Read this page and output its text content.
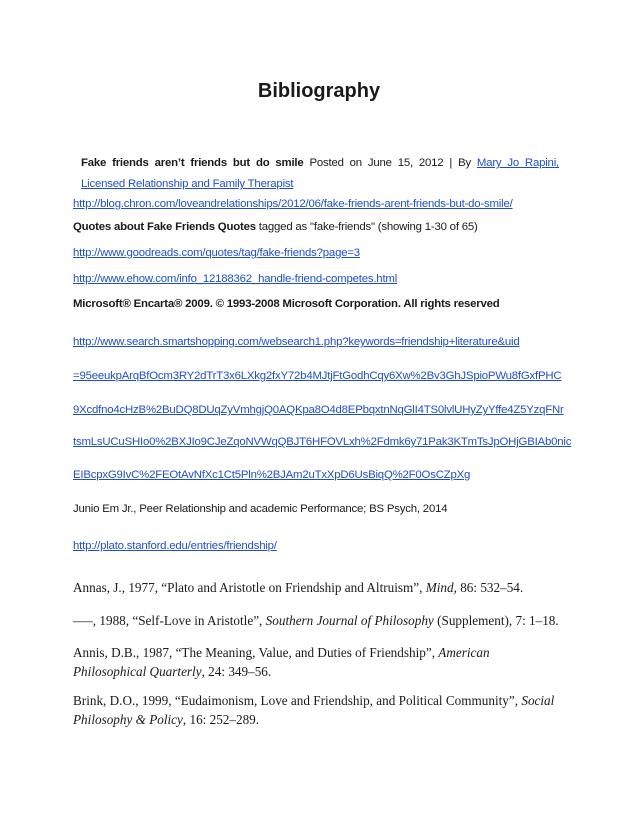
Bibliography
Fake friends aren’t friends but do smile Posted on June 15, 2012 | By Mary Jo Rapini,
Licensed Relationship and Family Therapist
http://blog.chron.com/loveandrelationships/2012/06/fake-friends-arent-friends-but-do-smile/
Quotes about Fake Friends Quotes tagged as "fake-friends" (showing 1-30 of 65)
http://www.goodreads.com/quotes/tag/fake-friends?page=3
http://www.ehow.com/info_12188362_handle-friend-competes.html
Microsoft® Encarta® 2009. © 1993-2008 Microsoft Corporation. All rights reserved
http://www.search.smartshopping.com/websearch1.php?keywords=friendship+literature&uid
=95eeukpArqBfOcm3RY2dTrT3x6LXkg2fxY72b4MJtjFtGodhCqy6Xw%2Bv3GhJSpioPWu8fGxfPHC
9Xcdfno4cHzB%2BuDQ8DUqZyVmhgjQ0AQKpa8O4d8EPbqxtnNqGlI4TS0lvlUHyZyYffe4Z5YzqFNr
tsmLsUCuSHIo0%2BXJIo9CJeZqoNVWqQBJT6HFOVLxh%2Fdmk6y71Pak3KTmTsJpOHjGBIAb0nic
EIBcpxG9IvC%2FEOtAvNfXc1Ct5Pln%2BJAm2uTxXpD6UsBiqQ%2F0OsCZpXg
Junio Em Jr., Peer Relationship and academic Performance; BS Psych, 2014
http://plato.stanford.edu/entries/friendship/
Annas, J., 1977, “Plato and Aristotle on Friendship and Altruism”, Mind, 86: 532–54.
–––, 1988, “Self-Love in Aristotle”, Southern Journal of Philosophy (Supplement), 7: 1–18.
Annis, D.B., 1987, “The Meaning, Value, and Duties of Friendship”, American
Philosophical Quarterly, 24: 349–56.
Brink, D.O., 1999, “Eudaimonism, Love and Friendship, and Political Community”, Social
Philosophy & Policy, 16: 252–289.
